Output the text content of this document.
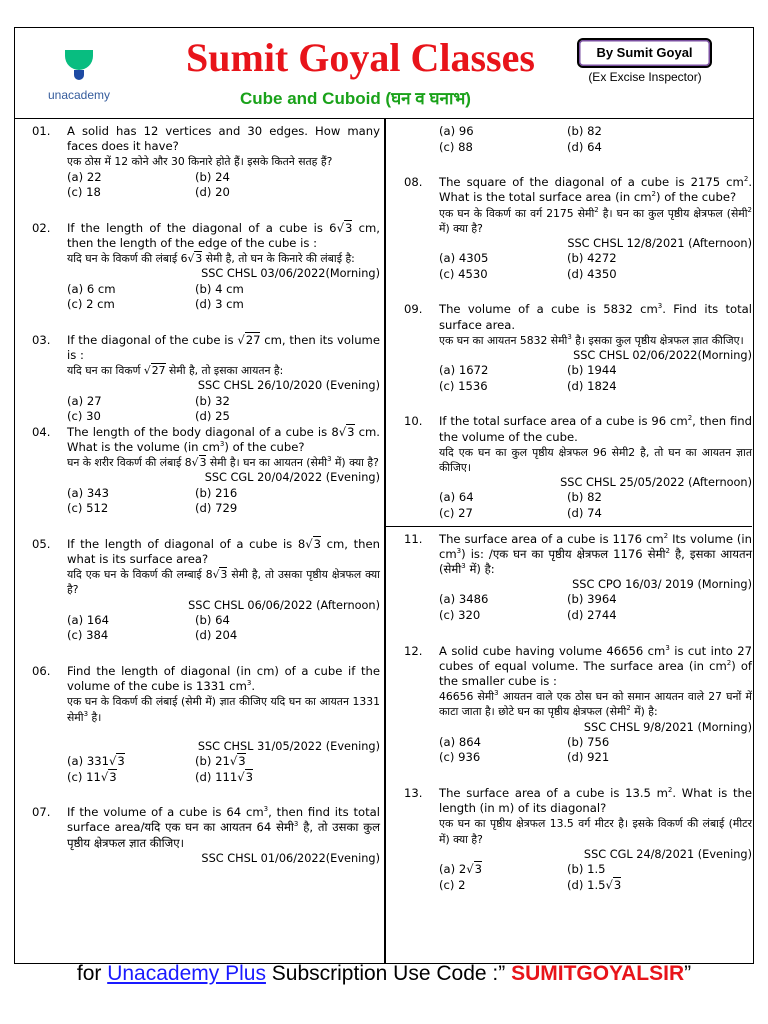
unacademy
Sumit Goyal Classes
Cube and Cuboid (घन व घनाभ)
By Sumit Goyal
(Ex Excise Inspector)
01.	A solid has 12 vertices and 30 edges. How many faces does it have?
एक ठोस में 12 कोने और 30 किनारे होते हैं। इसके कितने सतह हैं?
(a) 22	(b) 24
(c) 18	(d) 20
02.	If the length of the diagonal of a cube is 6√3 cm, then the length of the edge of the cube is :
यदि घन के विकर्ण की लंबाई 6√3 सेमी है, तो घन के किनारे की लंबाई है:
SSC CHSL 03/06/2022(Morning)
(a) 6 cm	(b) 4 cm
(c) 2 cm	(d) 3 cm
03.	If the diagonal of the cube is √27 cm, then its volume is :
यदि घन का विकर्ण √27 सेमी है, तो इसका आयतन है:
SSC CHSL 26/10/2020 (Evening)
(a) 27	(b) 32
(c) 30	(d) 25
04.	The length of the body diagonal of a cube is 8√3 cm. What is the volume (in $cm^3$) of the cube?
घन के शरीर विकर्ण की लंबाई 8√3 सेमी है। घन का आयतन (सेमी$^3$ में) क्या है?
SSC CGL 20/04/2022 (Evening)
(a) 343	(b) 216
(c) 512	(d) 729
05.	If the length of diagonal of a cube is 8√3 cm, then what is its surface area?
यदि एक घन के विकर्ण की लम्बाई 8√3 सेमी है, तो उसका पृष्ठीय क्षेत्रफल क्या है?
SSC CHSL 06/06/2022 (Afternoon)
(a) 164	(b) 64
(c) 384	(d) 204
06.	Find the length of diagonal (in cm) of a cube if the volume of the cube is 1331 $cm^3$.
एक घन के विकर्ण की लंबाई (सेमी में) ज्ञात कीजिए यदि घन का आयतन 1331 सेमी$^3$ है।
SSC CHSL 31/05/2022 (Evening)
(a) 331√3	(b) 21√3
(c) 11√3	(d) 111√3
07.	If the volume of a cube is 64 $cm^3$, then find its total surface area/यदि एक घन का आयतन 64 सेमी$^3$ है, तो उसका कुल पृष्ठीय क्षेत्रफल ज्ञात कीजिए।
SSC CHSL 01/06/2022(Evening)
(a) 96	(b) 82
(c) 88	(d) 64
08.	The square of the diagonal of a cube is 2175 $cm^2$. What is the total surface area (in $cm^2$) of the cube?
एक घन के विकर्ण का वर्ग 2175 सेमी$^2$ है। घन का कुल पृष्ठीय क्षेत्रफल (सेमी$^2$ में) क्या है?
SSC CHSL 12/8/2021 (Afternoon)
(a) 4305	(b) 4272
(c) 4530	(d) 4350
09.	The volume of a cube is 5832 $cm^3$. Find its total surface area.
एक घन का आयतन 5832 सेमी$^3$ है। इसका कुल पृष्ठीय क्षेत्रफल ज्ञात कीजिए।
SSC CHSL 02/06/2022(Morning)
(a) 1672	(b) 1944
(c) 1536	(d) 1824
10.	If the total surface area of a cube is 96 $cm^2$, then find the volume of the cube.
यदि एक घन का कुल पृष्ठीय क्षेत्रफल 96 सेमी2 है, तो घन का आयतन ज्ञात कीजिए।
SSC CHSL 25/05/2022 (Afternoon)
(a) 64	(b) 82
(c) 27	(d) 74
11.	The surface area of a cube is 1176 $cm^2$ Its volume (in $cm^3$) is: /एक घन का पृष्ठीय क्षेत्रफल 1176 सेमी$^2$ है, इसका आयतन (सेमी$^3$ में) है:
SSC CPO 16/03/ 2019 (Morning)
(a) 3486	(b) 3964
(c) 320	(d) 2744
12.	A solid cube having volume 46656 $cm^3$ is cut into 27 cubes of equal volume. The surface area (in $cm^2$) of the smaller cube is :
46656 सेमी$^3$ आयतन वाले एक ठोस घन को समान आयतन वाले 27 घनों में काटा जाता है। छोटे घन का पृष्ठीय क्षेत्रफल (सेमी$^2$ में) है:
SSC CHSL 9/8/2021 (Morning)
(a) 864	(b) 756
(c) 936	(d) 921
13.	The surface area of a cube is 13.5 $m^2$. What is the length (in m) of its diagonal?
एक घन का पृष्ठीय क्षेत्रफल 13.5 वर्ग मीटर है। इसके विकर्ण की लंबाई (मीटर में) क्या है?
SSC CGL 24/8/2021 (Evening)
(a) 2√3	(b) 1.5
(c) 2	(d) 1.5√3
for Unacademy Plus Subscription Use Code :” SUMITGOYALSIR”
